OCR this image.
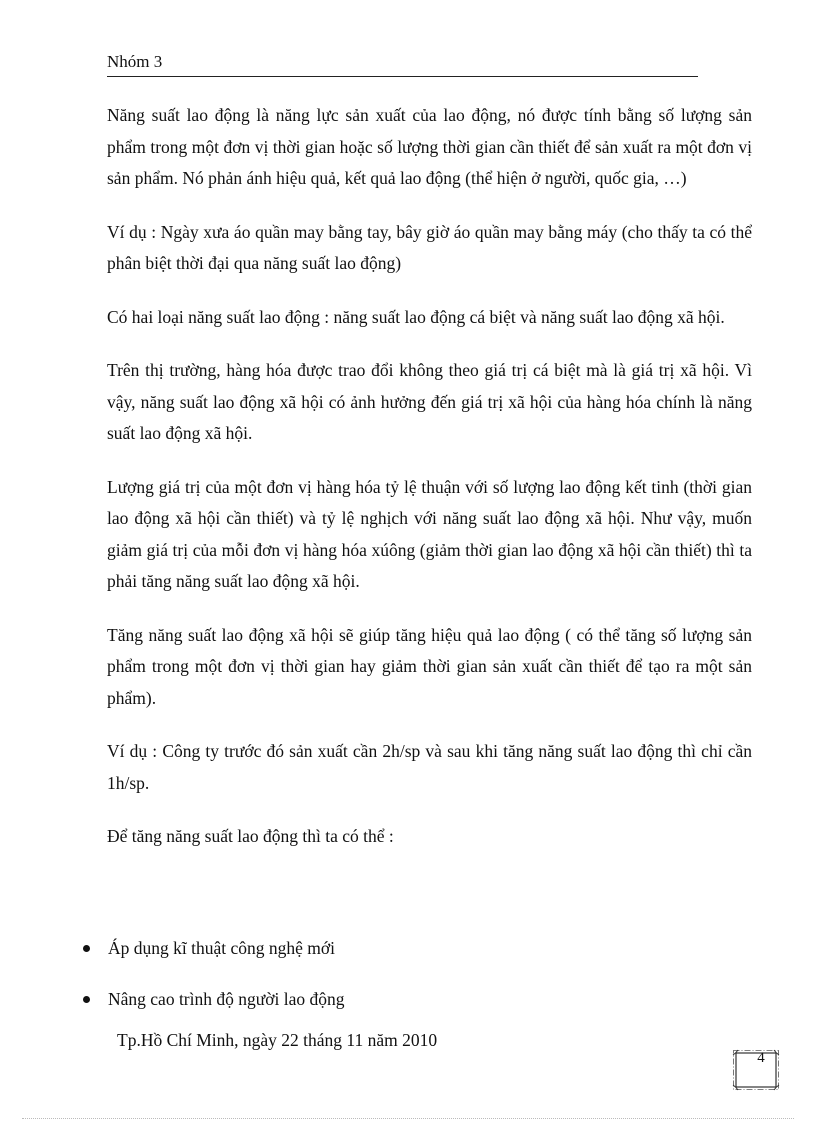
Nhóm 3

Năng suất lao động là năng lực sản xuất của lao động, nó được tính bằng số lượng sản phẩm trong một đơn vị thời gian hoặc số lượng thời gian cần thiết để sản xuất ra một đơn vị sản phẩm. Nó phản ánh hiệu quả, kết quả lao động (thể hiện ở người, quốc gia, …)

Ví dụ : Ngày xưa áo quần may bằng tay, bây giờ áo quần may bằng máy (cho thấy ta có thể phân biệt thời đại qua năng suất lao động)

Có hai loại năng suất lao động : năng suất lao động cá biệt và năng suất lao động xã hội.

Trên thị trường, hàng hóa được trao đổi không theo giá trị cá biệt mà là giá trị xã hội. Vì vậy, năng suất lao động xã hội có ảnh hưởng đến giá trị xã hội của hàng hóa chính là năng suất lao động xã hội.

Lượng giá trị của một đơn vị hàng hóa tỷ lệ thuận với số lượng lao động kết tinh (thời gian lao động xã hội cần thiết) và tỷ lệ nghịch với năng suất lao động xã hội. Như vậy, muốn giảm giá trị của mỗi đơn vị hàng hóa xúông (giảm thời gian lao động xã hội cần thiết) thì ta phải tăng năng suất lao động xã hội.

Tăng năng suất lao động xã hội sẽ giúp tăng hiệu quả lao động ( có thể tăng số lượng sản phẩm trong một đơn vị thời gian hay giảm thời gian sản xuất cần thiết để tạo ra một sản phẩm).

Ví dụ : Công ty trước đó sản xuất cần 2h/sp và sau khi tăng năng suất lao động thì chỉ cần 1h/sp.

Để tăng năng suất lao động thì ta có thể :

Áp dụng kĩ thuật công nghệ mới
Nâng cao trình độ người lao động
Tp.Hồ Chí Minh, ngày 22 tháng 11 năm 2010
4
